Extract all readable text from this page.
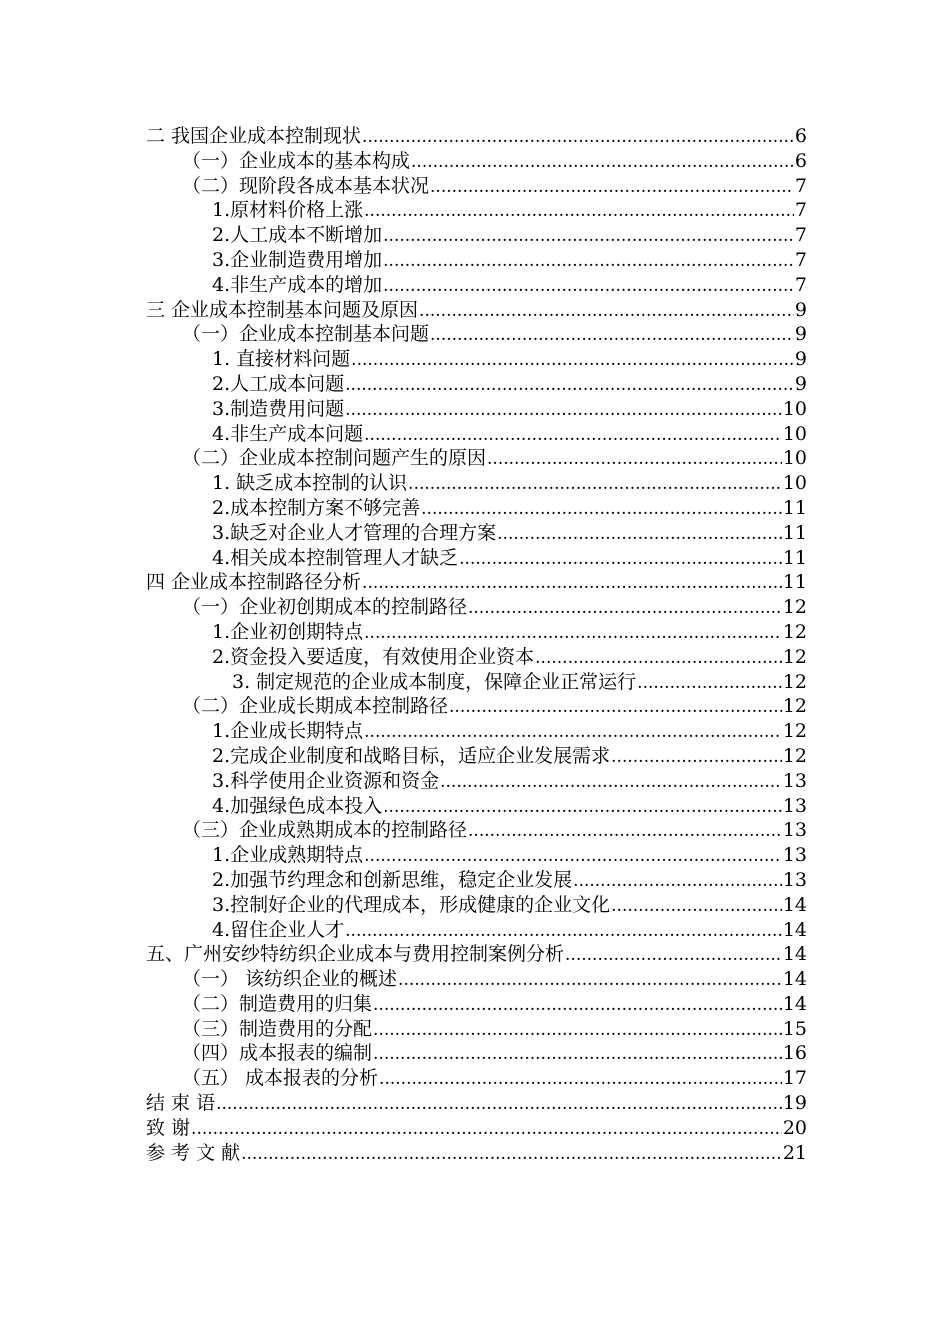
二 我国企业成本控制现状 .....	6
（一）企业成本的基本构成 .....	6
（二）现阶段各成本基本状况 .....	7
1.原材料价格上涨 .....	7
2.人工成本不断增加 .....	7
3.企业制造费用增加 .....	7
4.非生产成本的增加 .....	7
三 企业成本控制基本问题及原因 .....	9
（一）企业成本控制基本问题 .....	9
1. 直接材料问题 .....	9
2.人工成本问题 .....	9
3.制造费用问题 .....	10
4.非生产成本问题 .....	10
（二）企业成本控制问题产生的原因 .....	10
1. 缺乏成本控制的认识 .....	10
2.成本控制方案不够完善 .....	11
3.缺乏对企业人才管理的合理方案 .....	11
4.相关成本控制管理人才缺乏 .....	11
四 企业成本控制路径分析 .....	11
（一）企业初创期成本的控制路径 .....	12
1.企业初创期特点 .....	12
2.资金投入要适度，有效使用企业资本 .....	12
3. 制定规范的企业成本制度，保障企业正常运行 .....	12
（二）企业成长期成本控制路径 .....	12
1.企业成长期特点 .....	12
2.完成企业制度和战略目标，适应企业发展需求 .....	12
3.科学使用企业资源和资金 .....	13
4.加强绿色成本投入 .....	13
（三）企业成熟期成本的控制路径 .....	13
1.企业成熟期特点 .....	13
2.加强节约理念和创新思维，稳定企业发展 .....	13
3.控制好企业的代理成本，形成健康的企业文化 .....	14
4.留住企业人才 .....	14
五、广州安纱特纺织企业成本与费用控制案例分析 .....	14
（一） 该纺织企业的概述 .....	14
（二）制造费用的归集 .....	14
（三）制造费用的分配 .....	15
（四）成本报表的编制 .....	16
（五） 成本报表的分析 .....	17
结 束 语 .....	19
致 谢 .....	20
参 考 文 献 .....	21
